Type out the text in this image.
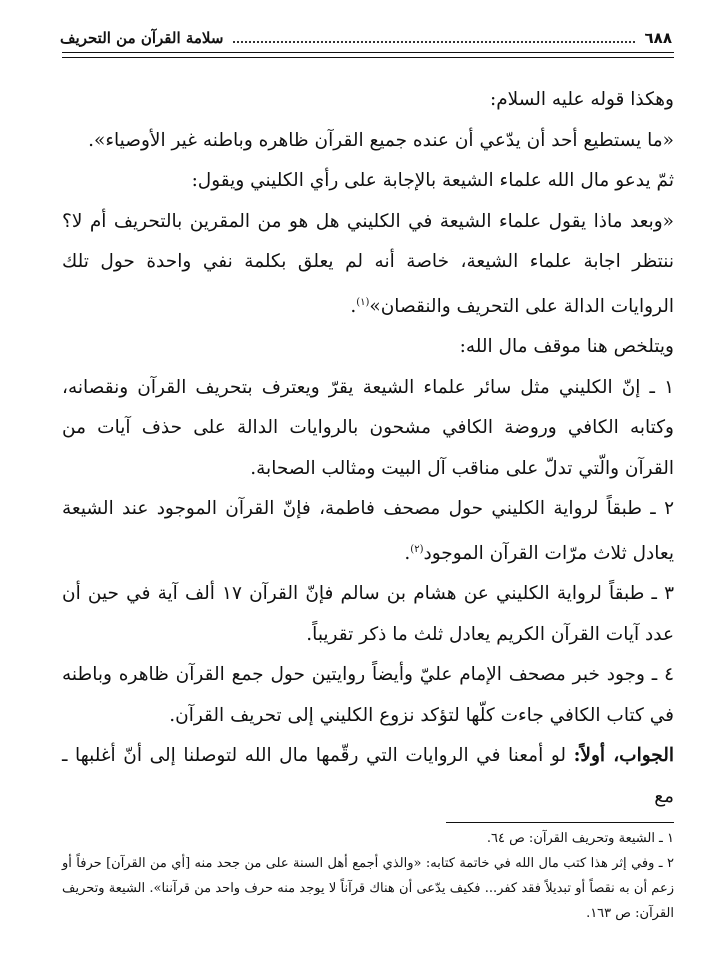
٦٨٨
سلامة القرآن من التحريف

وهكذا قوله عليه السلام:

«ما يستطيع أحد أن يدّعي أن عنده جميع القرآن ظاهره وباطنه غير الأوصياء».

ثمّ يدعو مال الله علماء الشيعة بالإجابة على رأي الكليني ويقول:

«وبعد ماذا يقول علماء الشيعة في الكليني هل هو من المقرين بالتحريف أم لا؟ ننتظر اجابة علماء الشيعة، خاصة أنه لم يعلق بكلمة نفي واحدة حول تلك الروايات الدالة على التحريف والنقصان»$^{(١)}$.

ويتلخص هنا موقف مال الله:

١ ـ إنّ الكليني مثل سائر علماء الشيعة يقرّ ويعترف بتحريف القرآن ونقصانه، وكتابه الكافي وروضة الكافي مشحون بالروايات الدالة على حذف آيات من القرآن والّتي تدلّ على مناقب آل البيت ومثالب الصحابة.

٢ ـ طبقاً لرواية الكليني حول مصحف فاطمة، فإنّ القرآن الموجود عند الشيعة يعادل ثلاث مرّات القرآن الموجود$^{(٢)}$.

٣ ـ طبقاً لرواية الكليني عن هشام بن سالم فإنّ القرآن ١٧ ألف آية في حين أن عدد آيات القرآن الكريم يعادل ثلث ما ذكر تقريباً.

٤ ـ وجود خبر مصحف الإمام عليّ وأيضاً روايتين حول جمع القرآن ظاهره وباطنه في كتاب الكافي جاءت كلّها لتؤكد نزوع الكليني إلى تحريف القرآن.

الجواب، أولاً: لو أمعنا في الروايات التي رقّمها مال الله لتوصلنا إلى أنّ أغلبها ـ مع

١ ـ الشيعة وتحريف القرآن: ص ٦٤.

٢ ـ وفي إثر هذا كتب مال الله في خاتمة كتابه: «والذي أجمع أهل السنة على من جحد منه [أي من القرآن] حرفاً أو زعم أن به نقصاً أو تبديلاً فقد كفر... فكيف يدّعى أن هناك قرآناً لا يوجد منه حرف واحد من قرآننا». الشيعة وتحريف القرآن: ص ١٦٣.
